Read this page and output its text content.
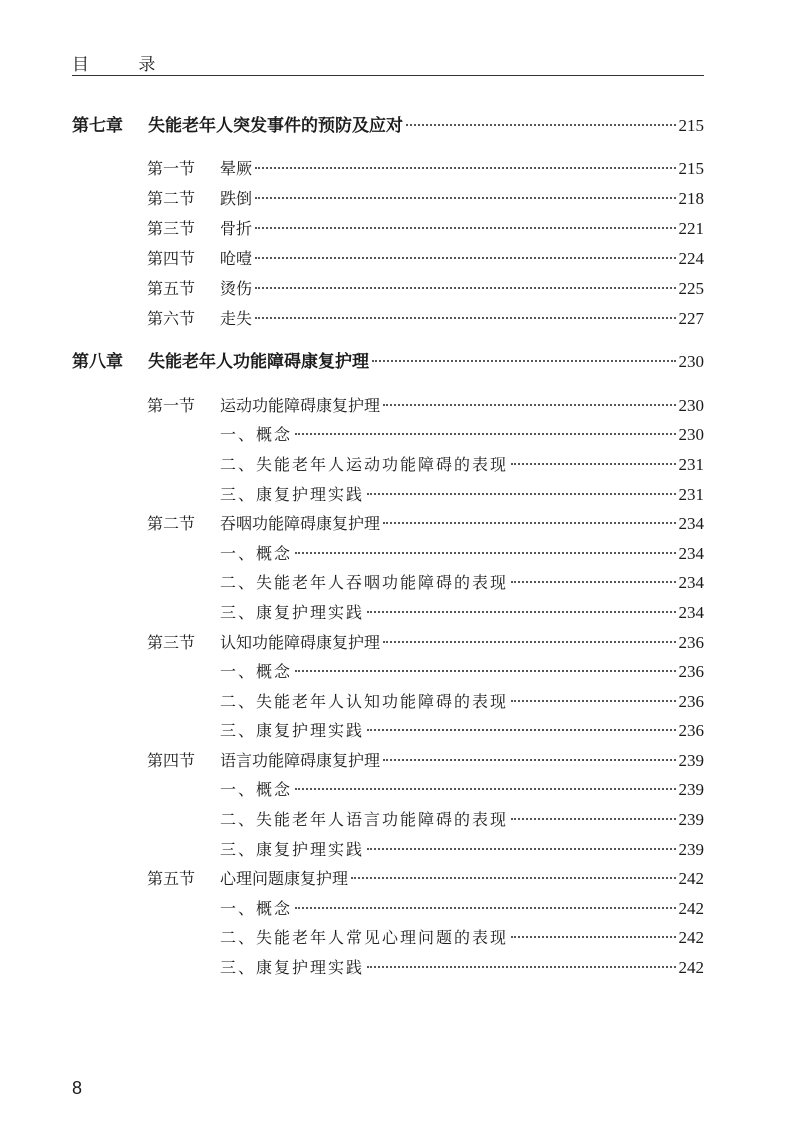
目 录
第七章	失能老年人突发事件的预防及应对	215
第一节	晕厥	215
第二节	跌倒	218
第三节	骨折	221
第四节	呛噎	224
第五节	烫伤	225
第六节	走失	227
第八章	失能老年人功能障碍康复护理	230
第一节	运动功能障碍康复护理	230
一、概念	230
二、失能老年人运动功能障碍的表现	231
三、康复护理实践	231
第二节	吞咽功能障碍康复护理	234
一、概念	234
二、失能老年人吞咽功能障碍的表现	234
三、康复护理实践	234
第三节	认知功能障碍康复护理	236
一、概念	236
二、失能老年人认知功能障碍的表现	236
三、康复护理实践	236
第四节	语言功能障碍康复护理	239
一、概念	239
二、失能老年人语言功能障碍的表现	239
三、康复护理实践	239
第五节	心理问题康复护理	242
一、概念	242
二、失能老年人常见心理问题的表现	242
三、康复护理实践	242
8
